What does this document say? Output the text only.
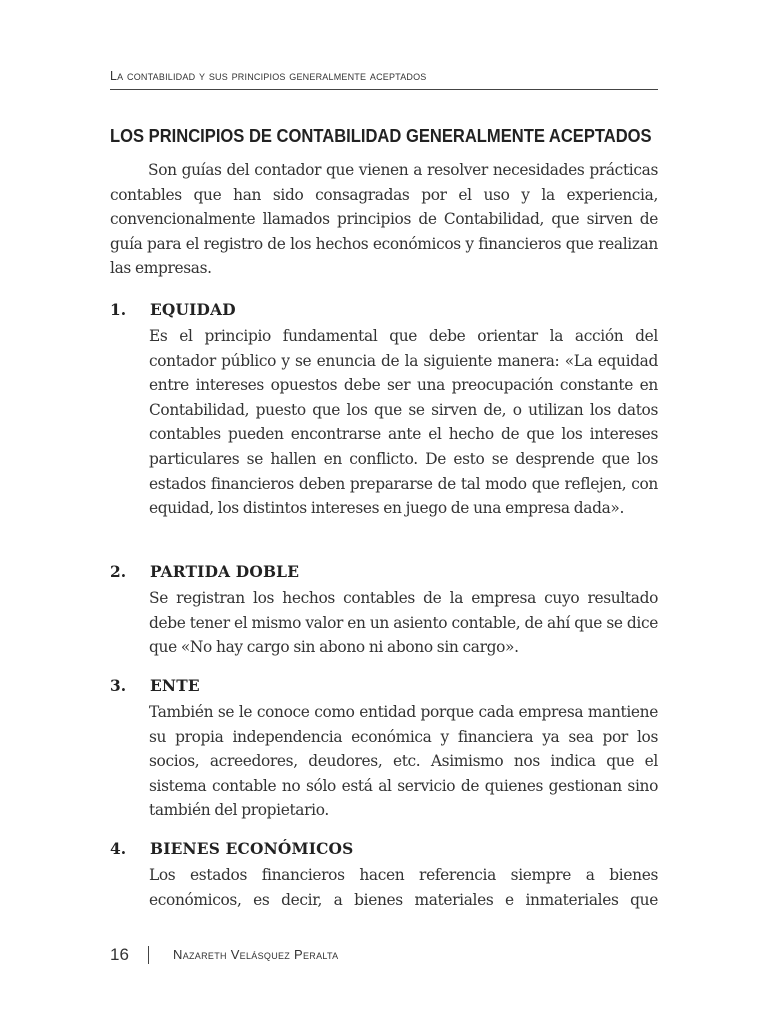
La contabilidad y sus principios generalmente aceptados
LOS PRINCIPIOS DE CONTABILIDAD GENERALMENTE ACEPTADOS

Son guías del contador que vienen a resolver necesidades prácticas contables que han sido consagradas por el uso y la experiencia, convencionalmente llamados principios de Contabilidad, que sirven de guía para el registro de los hechos económicos y financieros que realizan las empresas.

1. EQUIDAD

Es el principio fundamental que debe orientar la acción del contador público y se enuncia de la siguiente manera: «La equidad entre intereses opuestos debe ser una preocupación constante en Contabilidad, puesto que los que se sirven de, o utilizan los datos contables pueden encontrarse ante el hecho de que los intereses particulares se hallen en conflicto. De esto se desprende que los estados financieros deben prepararse de tal modo que reflejen, con equidad, los distintos intereses en juego de una empresa dada».

2. PARTIDA DOBLE

Se registran los hechos contables de la empresa cuyo resultado debe tener el mismo valor en un asiento contable, de ahí que se dice que «No hay cargo sin abono ni abono sin cargo».

3. ENTE

También se le conoce como entidad porque cada empresa mantiene su propia independencia económica y financiera ya sea por los socios, acreedores, deudores, etc. Asimismo nos indica que el sistema contable no sólo está al servicio de quienes gestionan sino también del propietario.

4. BIENES ECONÓMICOS

Los estados financieros hacen referencia siempre a bienes económicos, es decir, a bienes materiales e inmateriales que

16	Nazareth Velásquez Peralta
